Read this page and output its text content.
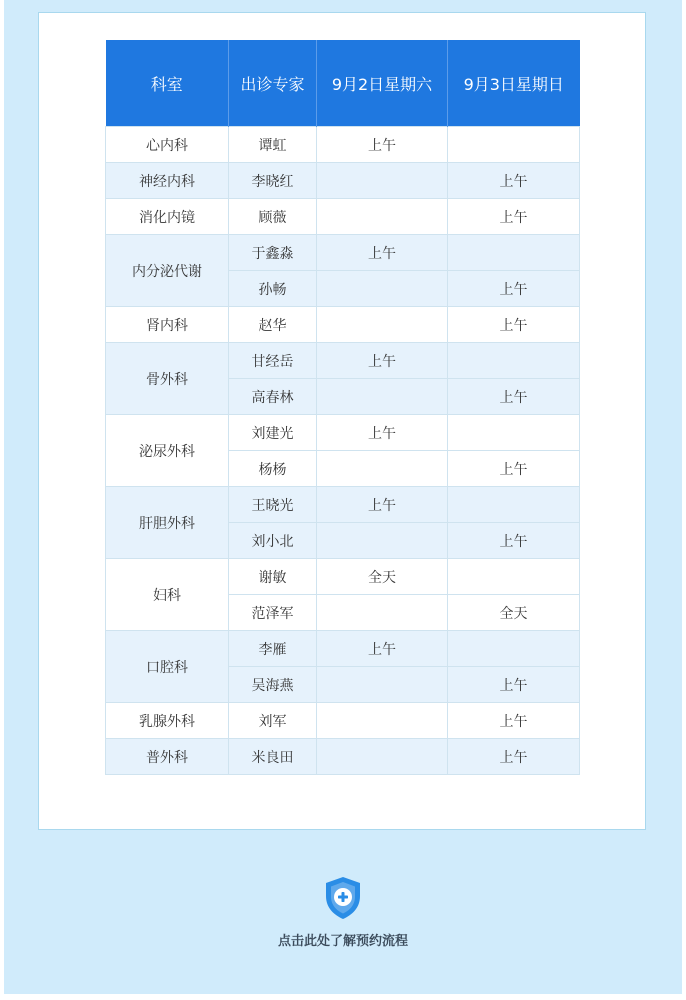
科室	出诊专家	9月2日星期六	9月3日星期日
心内科	谭虹	上午	
神经内科	李晓红		上午
消化内镜	顾薇		上午
内分泌代谢	于鑫淼	上午	
	孙畅		上午
肾内科	赵华		上午
骨外科	甘经岳	上午	
	高春林		上午
泌尿外科	刘建光	上午	
	杨杨		上午
肝胆外科	王晓光	上午	
	刘小北		上午
妇科	谢敏	全天	
	范泽军		全天
口腔科	李雁	上午	
	吴海燕		上午
乳腺外科	刘军		上午
普外科	米良田		上午
点击此处了解预约流程
